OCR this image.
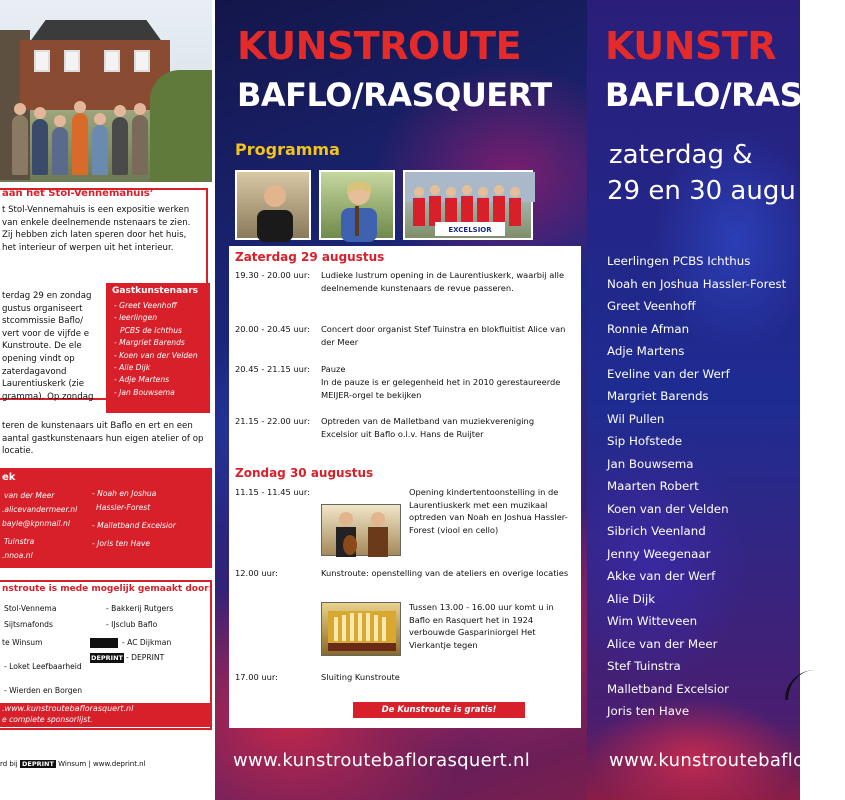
aan het Stol-Vennemahuis’
t Stol-Vennemahuis is een expositie werken van enkele deelnemende nstenaars te zien. Zij hebben zich laten speren door het huis, het interieur of werpen uit het interieur.
terdag 29 en zondag gustus organiseert stcommissie Baflo/ vert voor de vijfde e Kunstroute. De ele opening vindt op zaterdagavond Laurentiuskerk (zie gramma). Op zondag
teren de kunstenaars uit Baflo en ert en een aantal gastkunstenaars hun eigen atelier of op locatie.
Gastkunstenaars
- Greet Veenhoff
- leerlingen
PCBS de Ichthus
- Margriet Barends
- Koen van der Velden
- Alie Dijk
- Adje Martens
- Jan Bouwsema
ek
van der Meer
.alicevandermeer.nl
bayle@kpnmail.nl
Tuinstra
.nnoa.nl
- Noah en Joshua
Hassler-Forest
- Malletband Excelsior
- Joris ten Have
nstroute is mede mogelijk gemaakt door:
Stol-Vennema
Sijtsmafonds
te Winsum
- Loket Leefbaarheid
- Wierden en Borgen
- Bakkerij Rutgers
- IJsclub Baflo
- AC Dijkman
DEPRINT - DEPRINT
.www.kunstroutebaflorasquert.nl
e complete sponsorlijst.
rd bij DEPRINT Winsum | www.deprint.nl
KUNSTROUTE
BAFLO/RASQUERT
Programma
EXCELSIOR
Zaterdag 29 augustus
19.30 - 20.00 uur: Ludieke lustrum opening in de Laurentiuskerk, waarbij alle deelnemende kunstenaars de revue passeren.
20.00 - 20.45 uur: Concert door organist Stef Tuinstra en blokfluitist Alice van der Meer
20.45 - 21.15 uur: Pauze
In de pauze is er gelegenheid het in 2010 gerestaureerde MEIJER-orgel te bekijken
21.15 - 22.00 uur: Optreden van de Malletband van muziekvereniging Excelsior uit Baflo o.l.v. Hans de Ruijter
Zondag 30 augustus
11.15 - 11.45 uur:	Opening kindertentoonstelling in de Laurentiuskerk met een muzikaal optreden van Noah en Joshua Hassler-Forest (viool en cello)
12.00 uur:	Kunstroute: openstelling van de ateliers en overige locaties
Tussen 13.00 - 16.00 uur komt u in Baflo en Rasquert het in 1924 verbouwde Gaspariniorgel Het Vierkantje tegen
17.00 uur:	Sluiting Kunstroute
De Kunstroute is gratis!
www.kunstroutebaflorasquert.nl
KUNSTR
BAFLO/RAS
zaterdag &
29 en 30 augu
Leerlingen PCBS Ichthus
Noah en Joshua Hassler-Forest
Greet Veenhoff
Ronnie Afman
Adje Martens
Eveline van der Werf
Margriet Barends
Wil Pullen
Sip Hofstede
Jan Bouwsema
Maarten Robert
Koen van der Velden
Sibrich Veenland
Jenny Weegenaar
Akke van der Werf
Alie Dijk
Wim Witteveen
Alice van der Meer
Stef Tuinstra
Malletband Excelsior
Joris ten Have
www.kunstroutebaflorasq
